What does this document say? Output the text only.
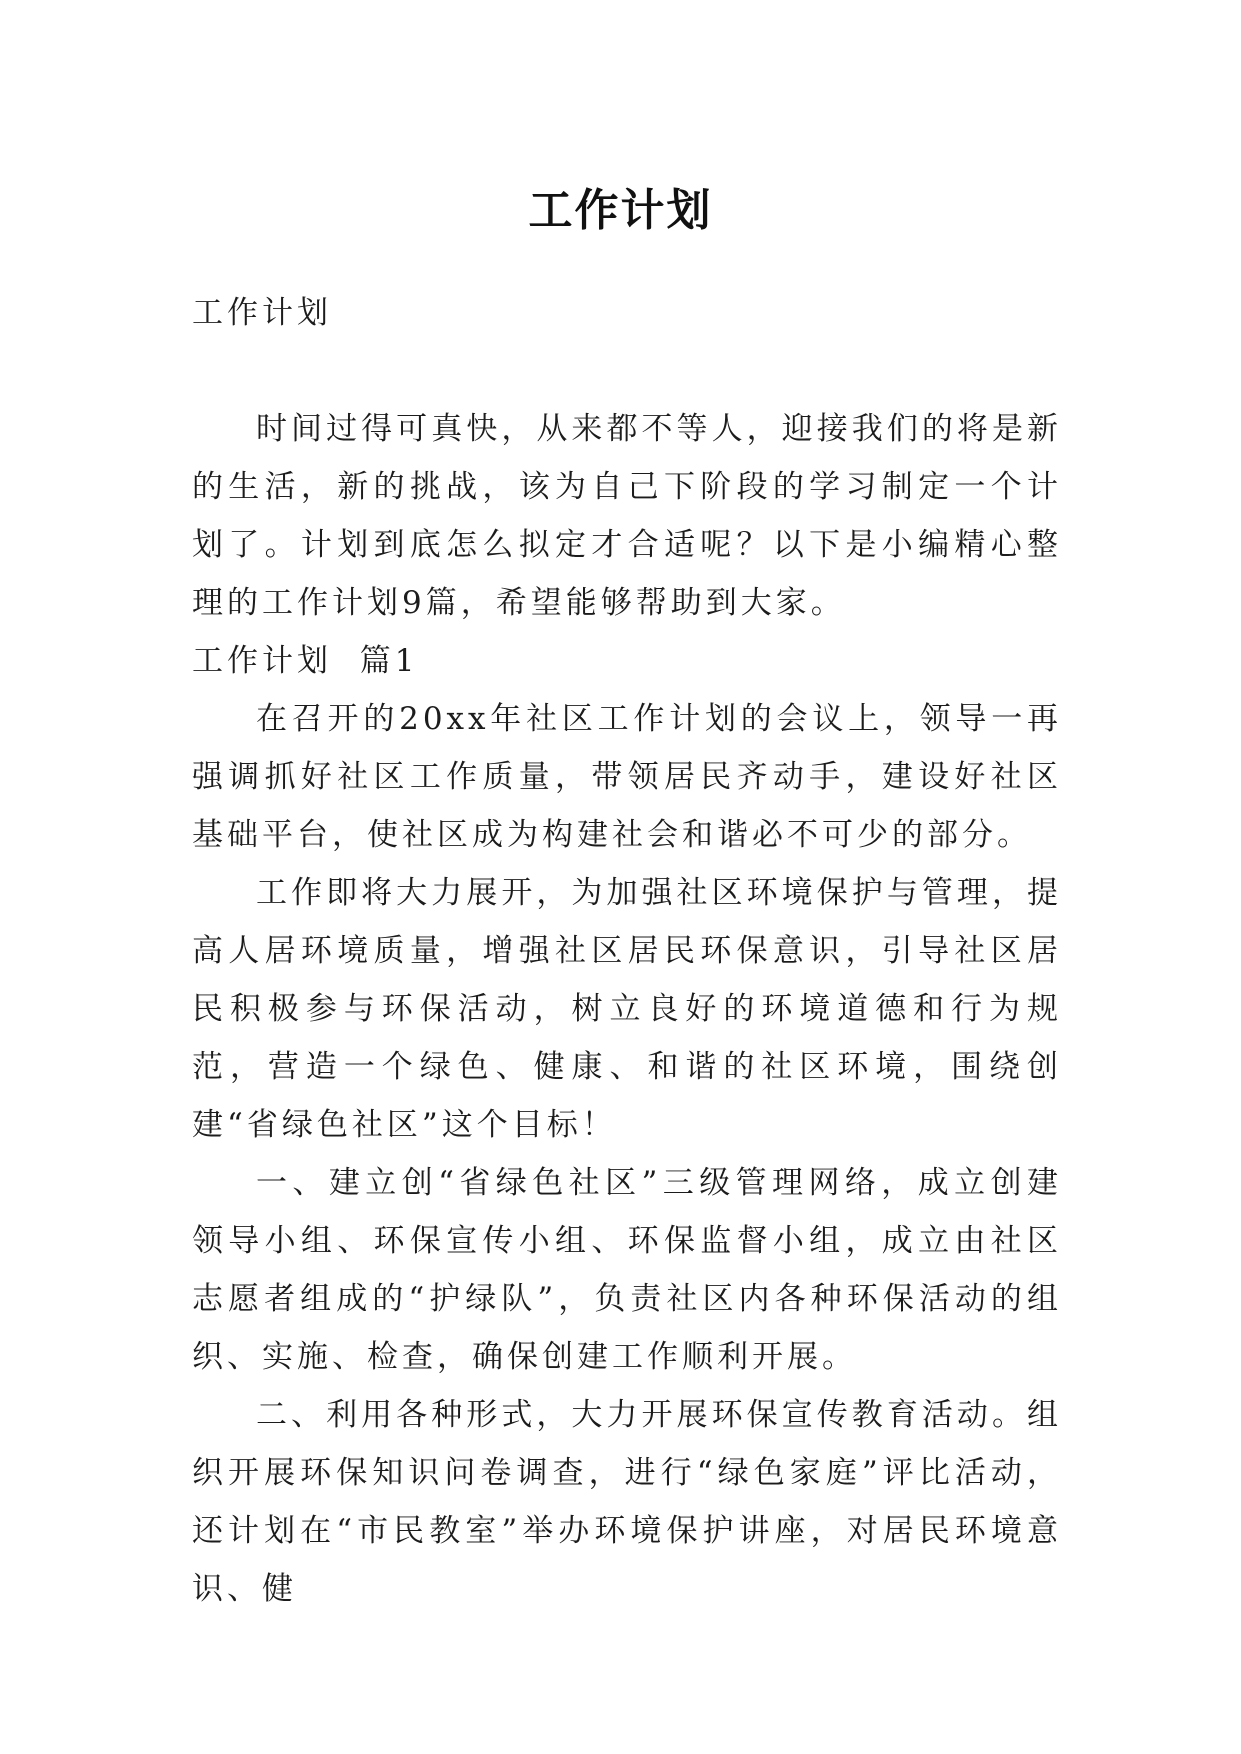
工作计划

工作计划

时间过得可真快，从来都不等人，迎接我们的将是新的生活，新的挑战，该为自己下阶段的学习制定一个计划了。计划到底怎么拟定才合适呢？以下是小编精心整理的工作计划9篇，希望能够帮助到大家。

工作计划  篇1

在召开的20xx年社区工作计划的会议上，领导一再强调抓好社区工作质量，带领居民齐动手，建设好社区基础平台，使社区成为构建社会和谐必不可少的部分。

工作即将大力展开，为加强社区环境保护与管理，提高人居环境质量，增强社区居民环保意识，引导社区居民积极参与环保活动，树立良好的环境道德和行为规范，营造一个绿色、健康、和谐的社区环境，围绕创建“省绿色社区”这个目标！

一、建立创“省绿色社区”三级管理网络，成立创建领导小组、环保宣传小组、环保监督小组，成立由社区志愿者组成的“护绿队”，负责社区内各种环保活动的组织、实施、检查，确保创建工作顺利开展。

二、利用各种形式，大力开展环保宣传教育活动。组织开展环保知识问卷调查，进行“绿色家庭”评比活动，还计划在“市民教室”举办环境保护讲座，对居民环境意识、健
